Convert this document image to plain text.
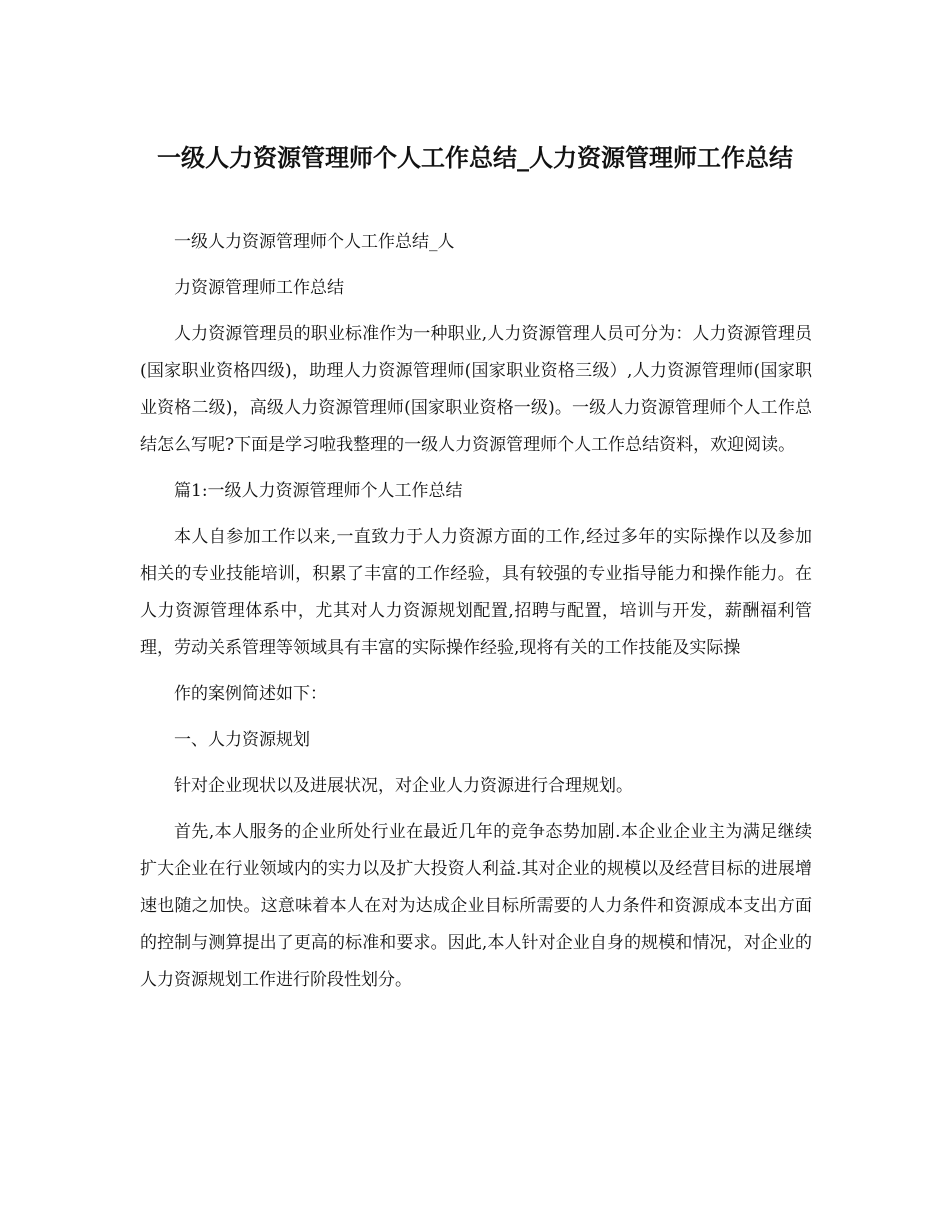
一级人力资源管理师个人工作总结_人力资源管理师工作总结

一级人力资源管理师个人工作总结_人

力资源管理师工作总结

人力资源管理员的职业标准作为一种职业,人力资源管理人员可分为：人力资源管理员(国家职业资格四级)，助理人力资源管理师(国家职业资格三级）,人力资源管理师(国家职业资格二级)，高级人力资源管理师(国家职业资格一级)。一级人力资源管理师个人工作总结怎么写呢?下面是学习啦我整理的一级人力资源管理师个人工作总结资料，欢迎阅读。

篇1:一级人力资源管理师个人工作总结

本人自参加工作以来,一直致力于人力资源方面的工作,经过多年的实际操作以及参加相关的专业技能培训，积累了丰富的工作经验，具有较强的专业指导能力和操作能力。在人力资源管理体系中，尤其对人力资源规划配置,招聘与配置，培训与开发，薪酬福利管理，劳动关系管理等领域具有丰富的实际操作经验,现将有关的工作技能及实际操

作的案例简述如下：

一、人力资源规划

针对企业现状以及进展状况，对企业人力资源进行合理规划。

首先,本人服务的企业所处行业在最近几年的竞争态势加剧.本企业企业主为满足继续扩大企业在行业领域内的实力以及扩大投资人利益.其对企业的规模以及经营目标的进展增速也随之加快。这意味着本人在对为达成企业目标所需要的人力条件和资源成本支出方面的控制与测算提出了更高的标准和要求。因此,本人针对企业自身的规模和情况，对企业的人力资源规划工作进行阶段性划分。
